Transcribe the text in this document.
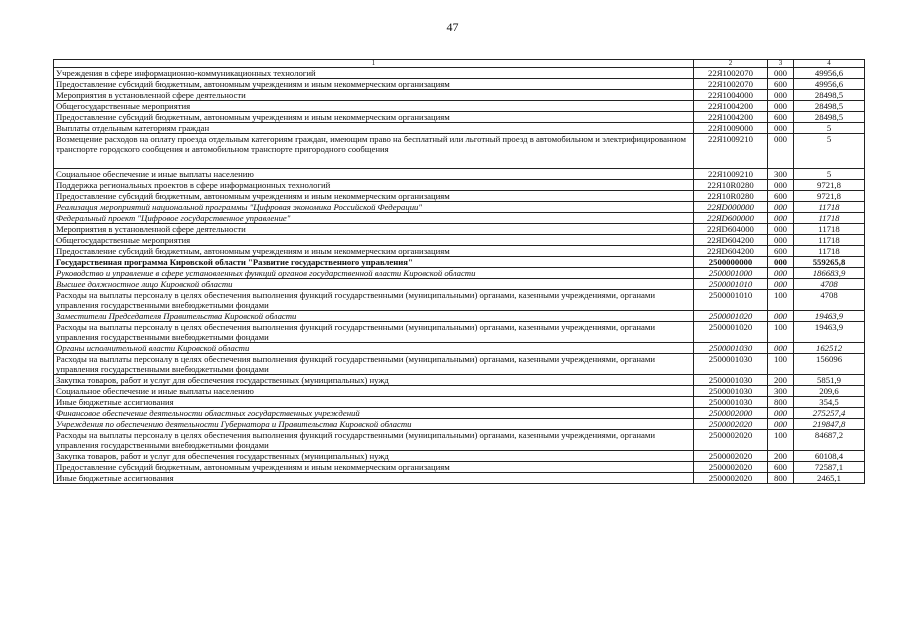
47
1	2	3	4
Учреждения в сфере информационно-коммуникационных технологий	22Я1002070	000	49956,6
Предоставление субсидий бюджетным, автономным учреждениям и иным некоммерческим организациям	22Я1002070	600	49956,6
Мероприятия в установленной сфере деятельности	22Я1004000	000	28498,5
Общегосударственные мероприятия	22Я1004200	000	28498,5
Предоставление субсидий бюджетным, автономным учреждениям и иным некоммерческим организациям	22Я1004200	600	28498,5
Выплаты отдельным категориям граждан	22Я1009000	000	5
Возмещение расходов на оплату проезда отдельным категориям граждан, имеющим право на бесплатный или льготный проезд в автомобильном и электрифицированном транспорте городского сообщения и автомобильном транспорте пригородного сообщения	22Я1009210	000	5
Социальное обеспечение и иные выплаты населению	22Я1009210	300	5
Поддержка региональных проектов в сфере информационных технологий	22Я10R0280	000	9721,8
Предоставление субсидий бюджетным, автономным учреждениям и иным некоммерческим организациям	22Я10R0280	600	9721,8
Реализация мероприятий национальной программы "Цифровая экономика Российской Федерации"	22ЯD000000	000	11718
Федеральный проект "Цифровое государственное управление"	22ЯD600000	000	11718
Мероприятия в установленной сфере деятельности	22ЯD604000	000	11718
Общегосударственные мероприятия	22ЯD604200	000	11718
Предоставление субсидий бюджетным, автономным учреждениям и иным некоммерческим организациям	22ЯD604200	600	11718
Государственная программа Кировской области "Развитие государственного управления"	2500000000	000	559265,8
Руководство и управление в сфере установленных функций органов государственной власти Кировской области	2500001000	000	186683,9
Высшее должностное лицо Кировской области	2500001010	000	4708
Расходы на выплаты персоналу в целях обеспечения выполнения функций государственными (муниципальными) органами, казенными учреждениями, органами управления государственными внебюджетными фондами	2500001010	100	4708
Заместители Председателя Правительства Кировской области	2500001020	000	19463,9
Расходы на выплаты персоналу в целях обеспечения выполнения функций государственными (муниципальными) органами, казенными учреждениями, органами управления государственными внебюджетными фондами	2500001020	100	19463,9
Органы исполнительной власти Кировской области	2500001030	000	162512
Расходы на выплаты персоналу в целях обеспечения выполнения функций государственными (муниципальными) органами, казенными учреждениями, органами управления государственными внебюджетными фондами	2500001030	100	156096
Закупка товаров, работ и услуг для обеспечения государственных (муниципальных) нужд	2500001030	200	5851,9
Социальное обеспечение и иные выплаты населению	2500001030	300	209,6
Иные бюджетные ассигнования	2500001030	800	354,5
Финансовое обеспечение деятельности областных государственных учреждений	2500002000	000	275257,4
Учреждения по обеспечению деятельности Губернатора и Правительства Кировской области	2500002020	000	219847,8
Расходы на выплаты персоналу в целях обеспечения выполнения функций государственными (муниципальными) органами, казенными учреждениями, органами управления государственными внебюджетными фондами	2500002020	100	84687,2
Закупка товаров, работ и услуг для обеспечения государственных (муниципальных) нужд	2500002020	200	60108,4
Предоставление субсидий бюджетным, автономным учреждениям и иным некоммерческим организациям	2500002020	600	72587,1
Иные бюджетные ассигнования	2500002020	800	2465,1
